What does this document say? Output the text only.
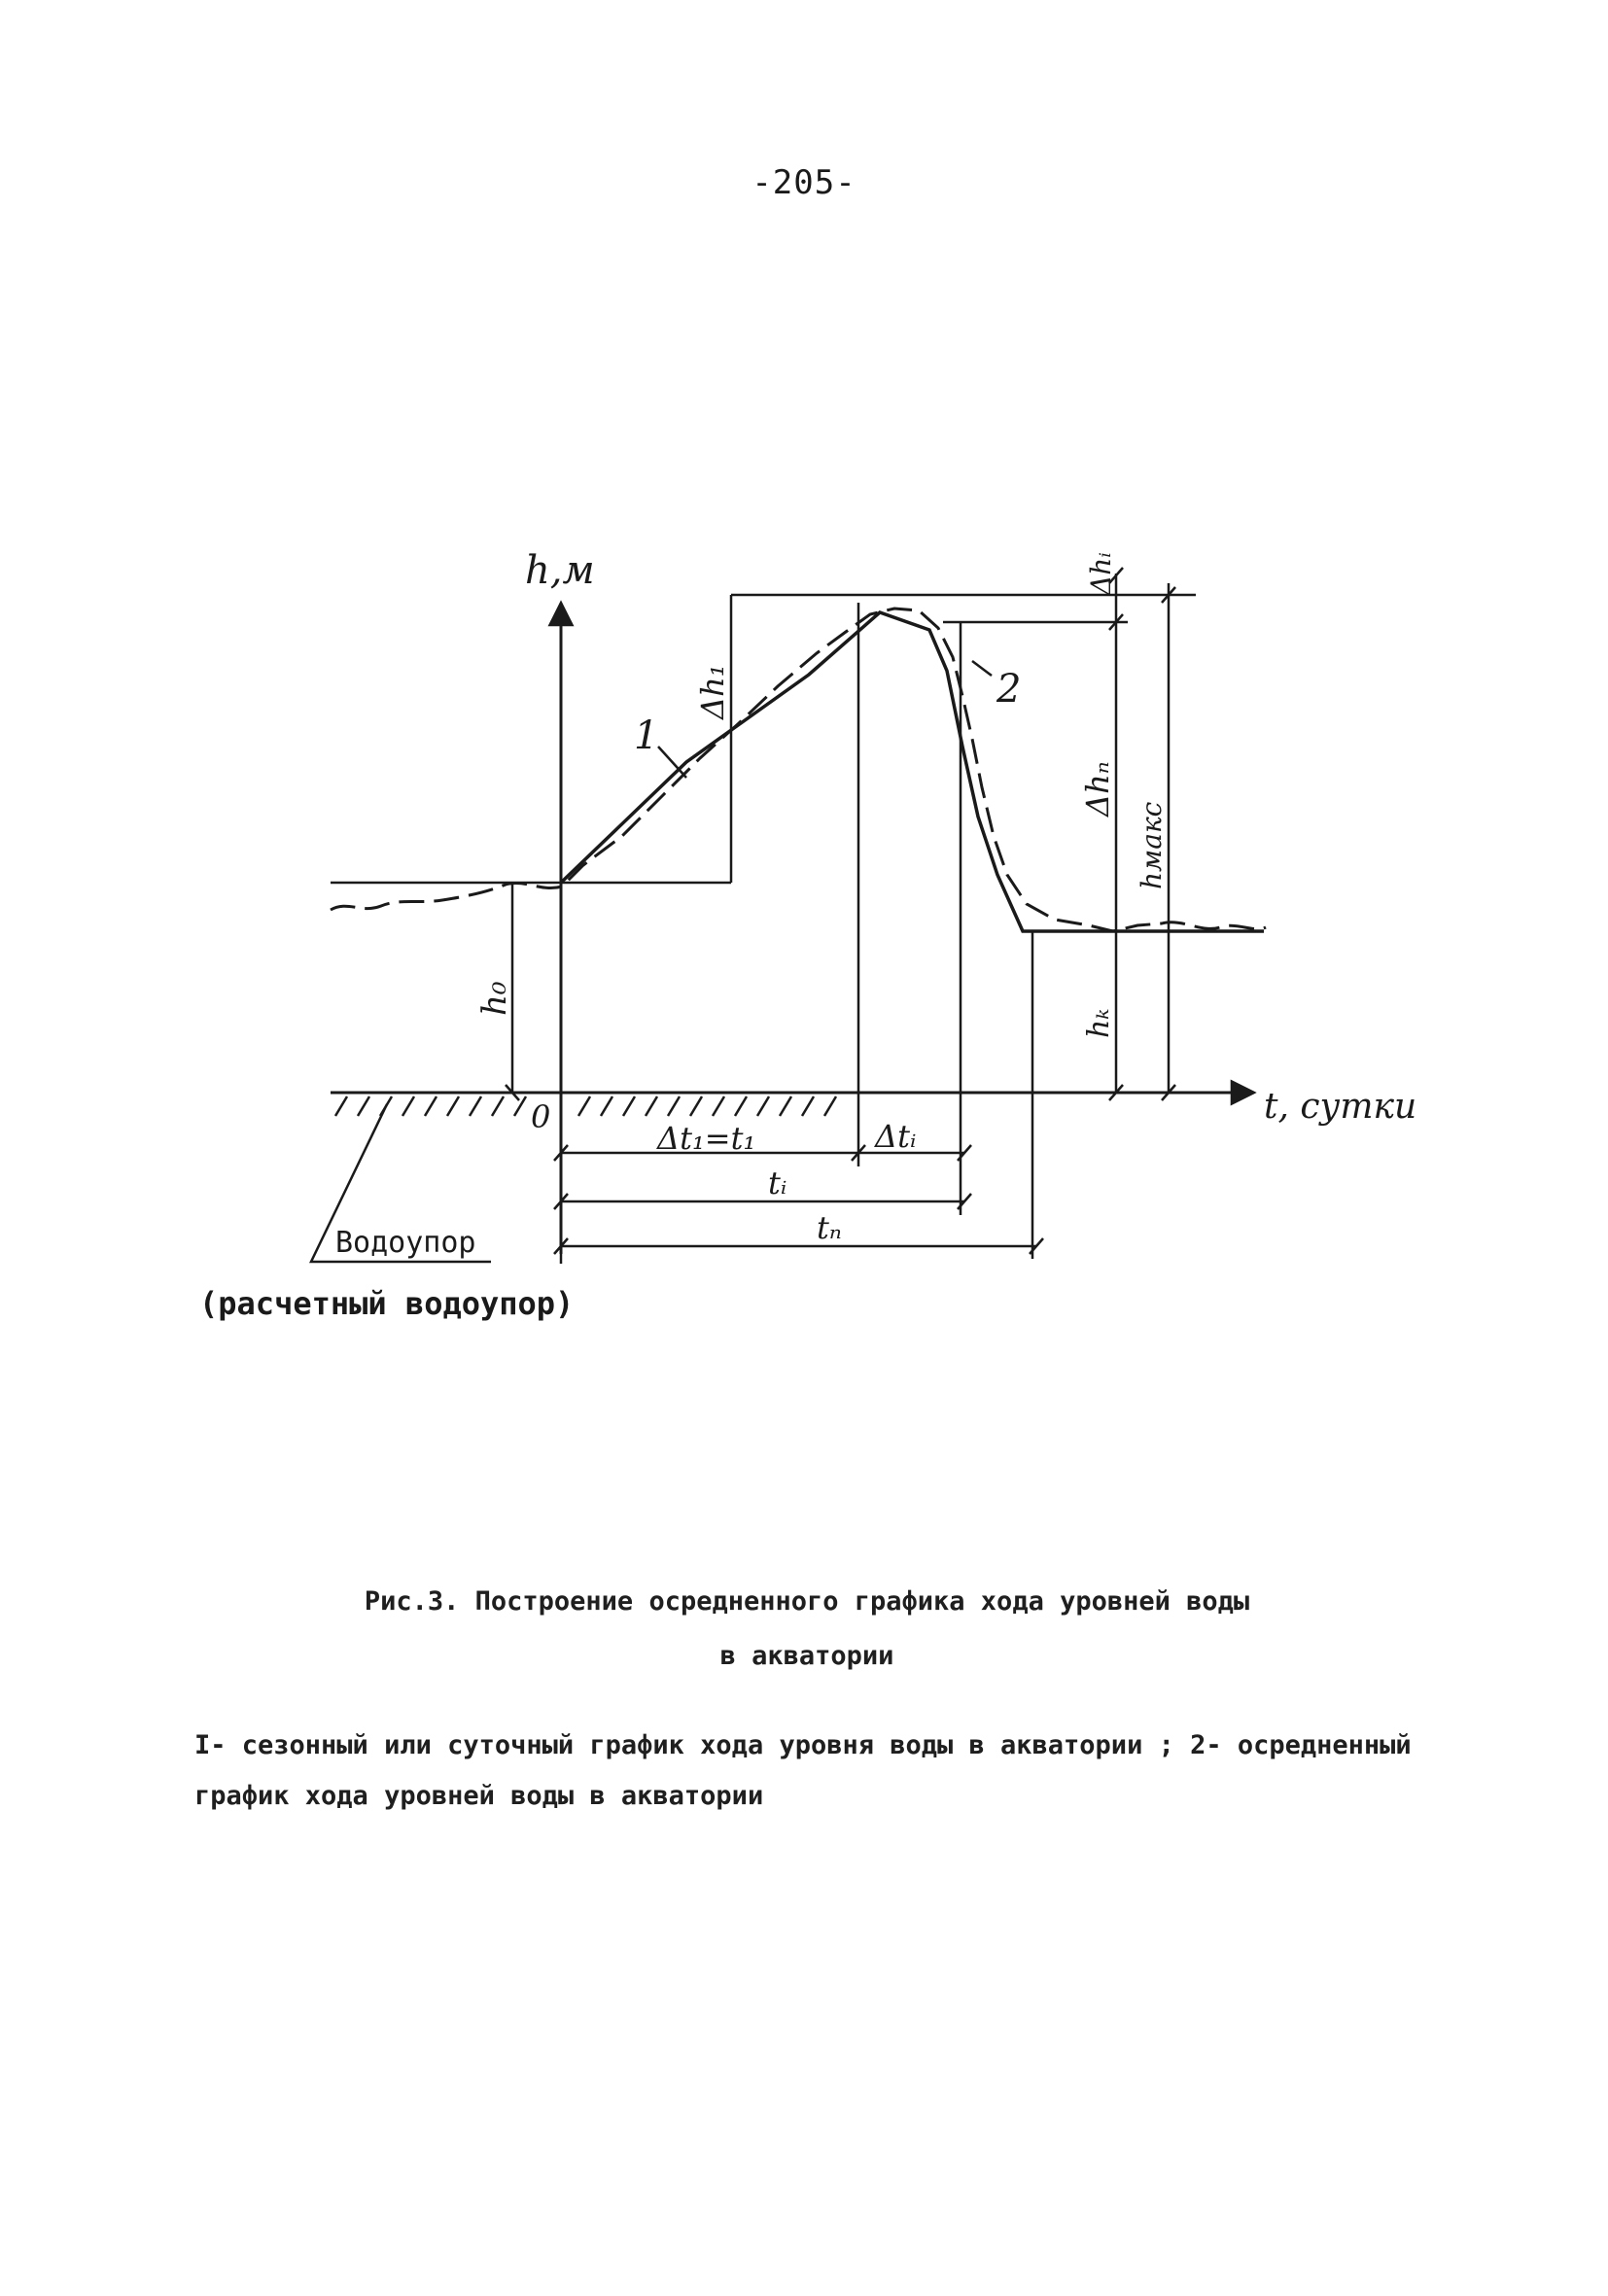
-205-
h,м
t, сутки
0
1
2
h₀
Δh₁
Δhᵢ
Δhₙ
hмакс
hₖ
Δt₁=t₁	Δtᵢ
tᵢ
tₙ
Водоупор
(расчетный водоупор)
Рис.3. Построение осредненного графика хода уровней воды
в акватории
I- сезонный или суточный график хода уровня воды в акватории ; 2- осредненный график хода уровней воды в акватории
